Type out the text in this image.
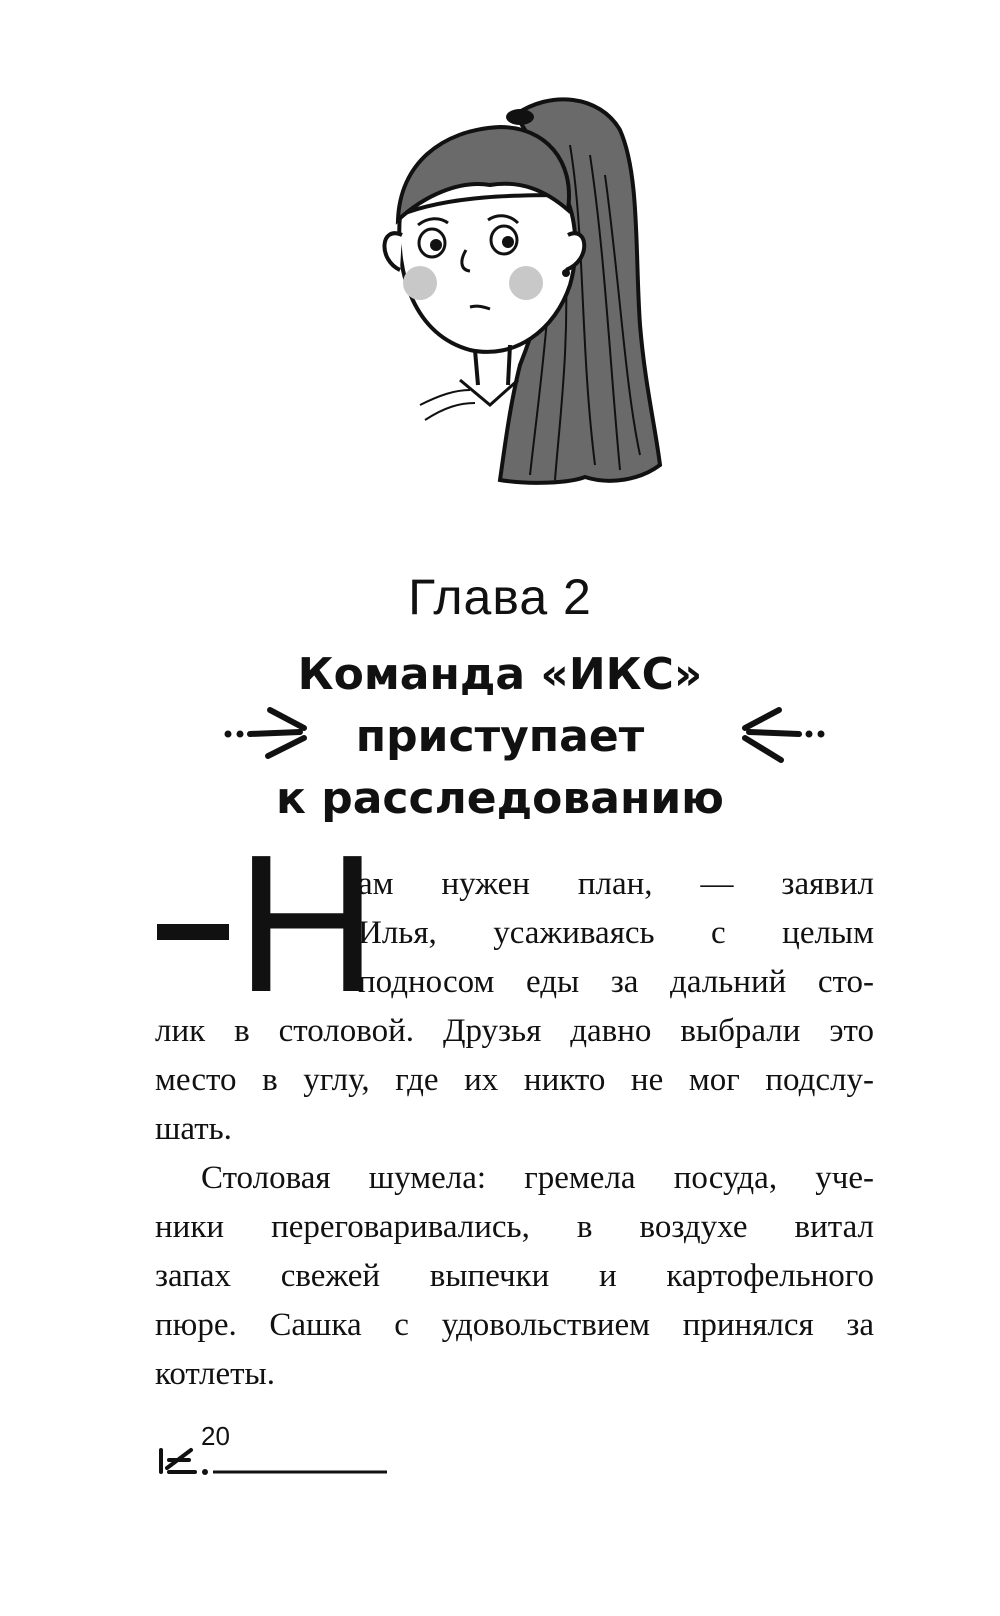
Глава 2
Команда «ИКС»
приступает
к расследованию
Н
ам нужен план, — заявил
Илья, усаживаясь с целым
подносом еды за дальний сто-
лик в столовой. Друзья давно выбрали это
место в углу, где их никто не мог подслу-
шать.
Столовая шумела: гремела посуда, уче-
ники переговаривались, в воздухе витал
запах свежей выпечки и картофельного
пюре. Сашка с удовольствием принялся за
котлеты.
20
